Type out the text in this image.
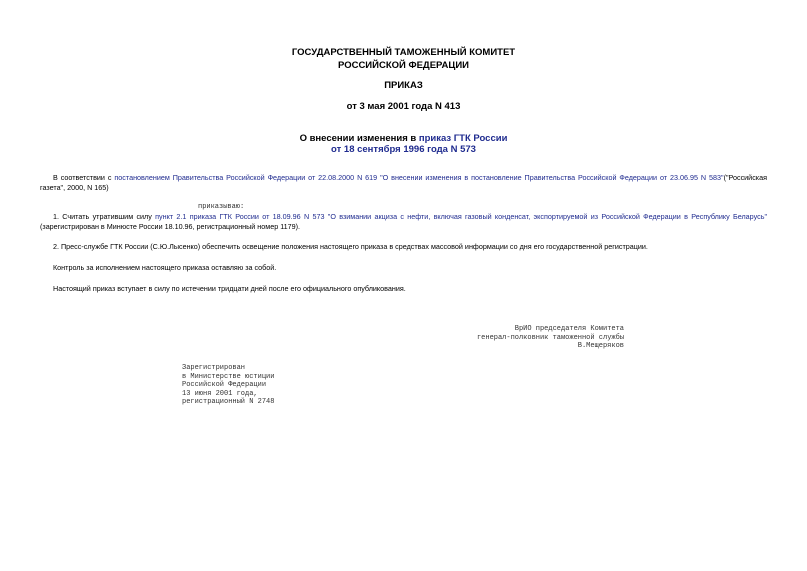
ГОСУДАРСТВЕННЫЙ ТАМОЖЕННЫЙ КОМИТЕТ
РОССИЙСКОЙ ФЕДЕРАЦИИ
ПРИКАЗ
от 3 мая 2001 года N 413
О внесении изменения в приказ ГТК России
от 18 сентября 1996 года N 573
В соответствии с постановлением Правительства Российской Федерации от 22.08.2000 N 619 "О внесении изменения в постановление Правительства Российской Федерации от 23.06.95 N 583"("Российская газета", 2000, N 165)
приказываю:
1. Считать утратившим силу пункт 2.1 приказа ГТК России от 18.09.96 N 573 "О взимании акциза с нефти, включая газовый конденсат, экспортируемой из Российской Федерации в Республику Беларусь" (зарегистрирован в Минюсте России 18.10.96, регистрационный номер 1179).
2. Пресс-службе ГТК России (С.Ю.Лысенко) обеспечить освещение положения настоящего приказа в средствах массовой информации со дня его государственной регистрации.
Контроль за исполнением настоящего приказа оставляю за собой.
Настоящий приказ вступает в силу по истечении тридцати дней после его официального опубликования.
ВрИО председателя Комитета
генерал-полковник таможенной службы
В.Мещеряков
Зарегистрирован
в Министерстве юстиции
Российской Федерации
13 июня 2001 года,
регистрационный N 2748
